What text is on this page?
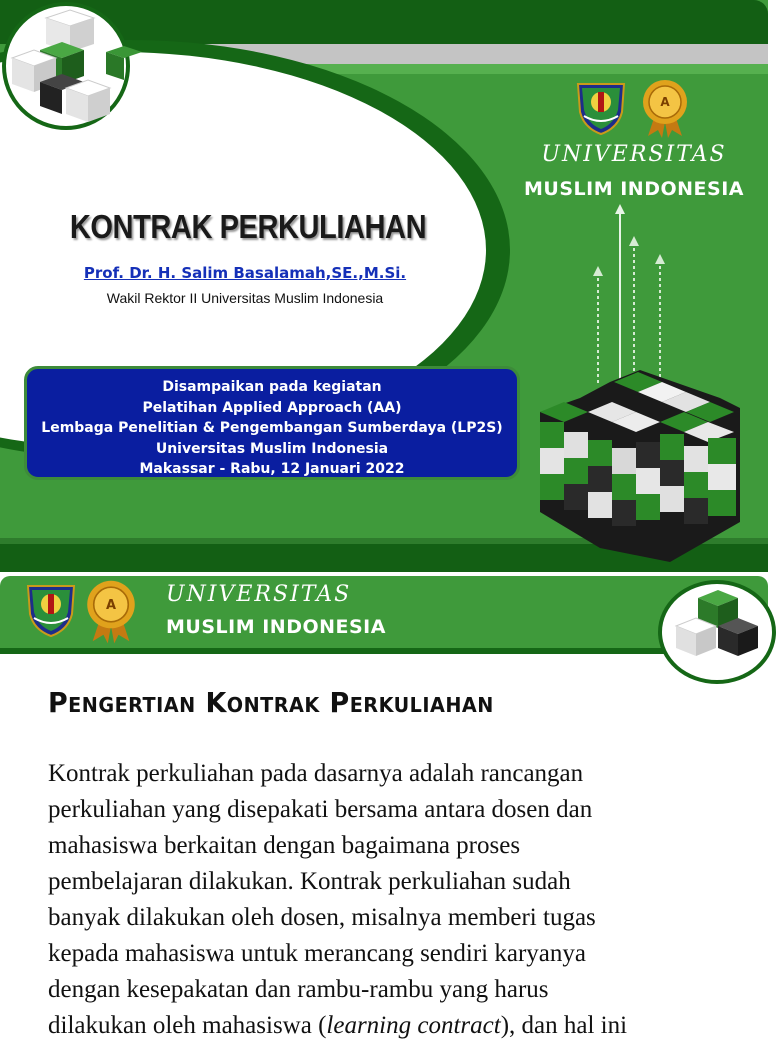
KONTRAK PERKULIAHAN
Prof. Dr. H. Salim Basalamah,SE.,M.Si.
Wakil Rektor II Universitas Muslim Indonesia
Disampaikan pada kegiatan
Pelatihan Applied Approach (AA)
Lembaga Penelitian & Pengembangan Sumberdaya (LP2S)
Universitas Muslim Indonesia
Makassar - Rabu, 12 Januari 2022
A
UNIVERSITAS
MUSLIM INDONESIA
A UNIVERSITAS
MUSLIM INDONESIA
Pengertian Kontrak Perkuliahan
Kontrak perkuliahan pada dasarnya adalah rancangan
perkuliahan yang disepakati bersama antara dosen dan
mahasiswa berkaitan dengan bagaimana proses
pembelajaran dilakukan. Kontrak perkuliahan sudah
banyak dilakukan oleh dosen, misalnya memberi tugas
kepada mahasiswa untuk merancang sendiri karyanya
dengan kesepakatan dan rambu-rambu yang harus
dilakukan oleh mahasiswa (learning contract), dan hal ini
